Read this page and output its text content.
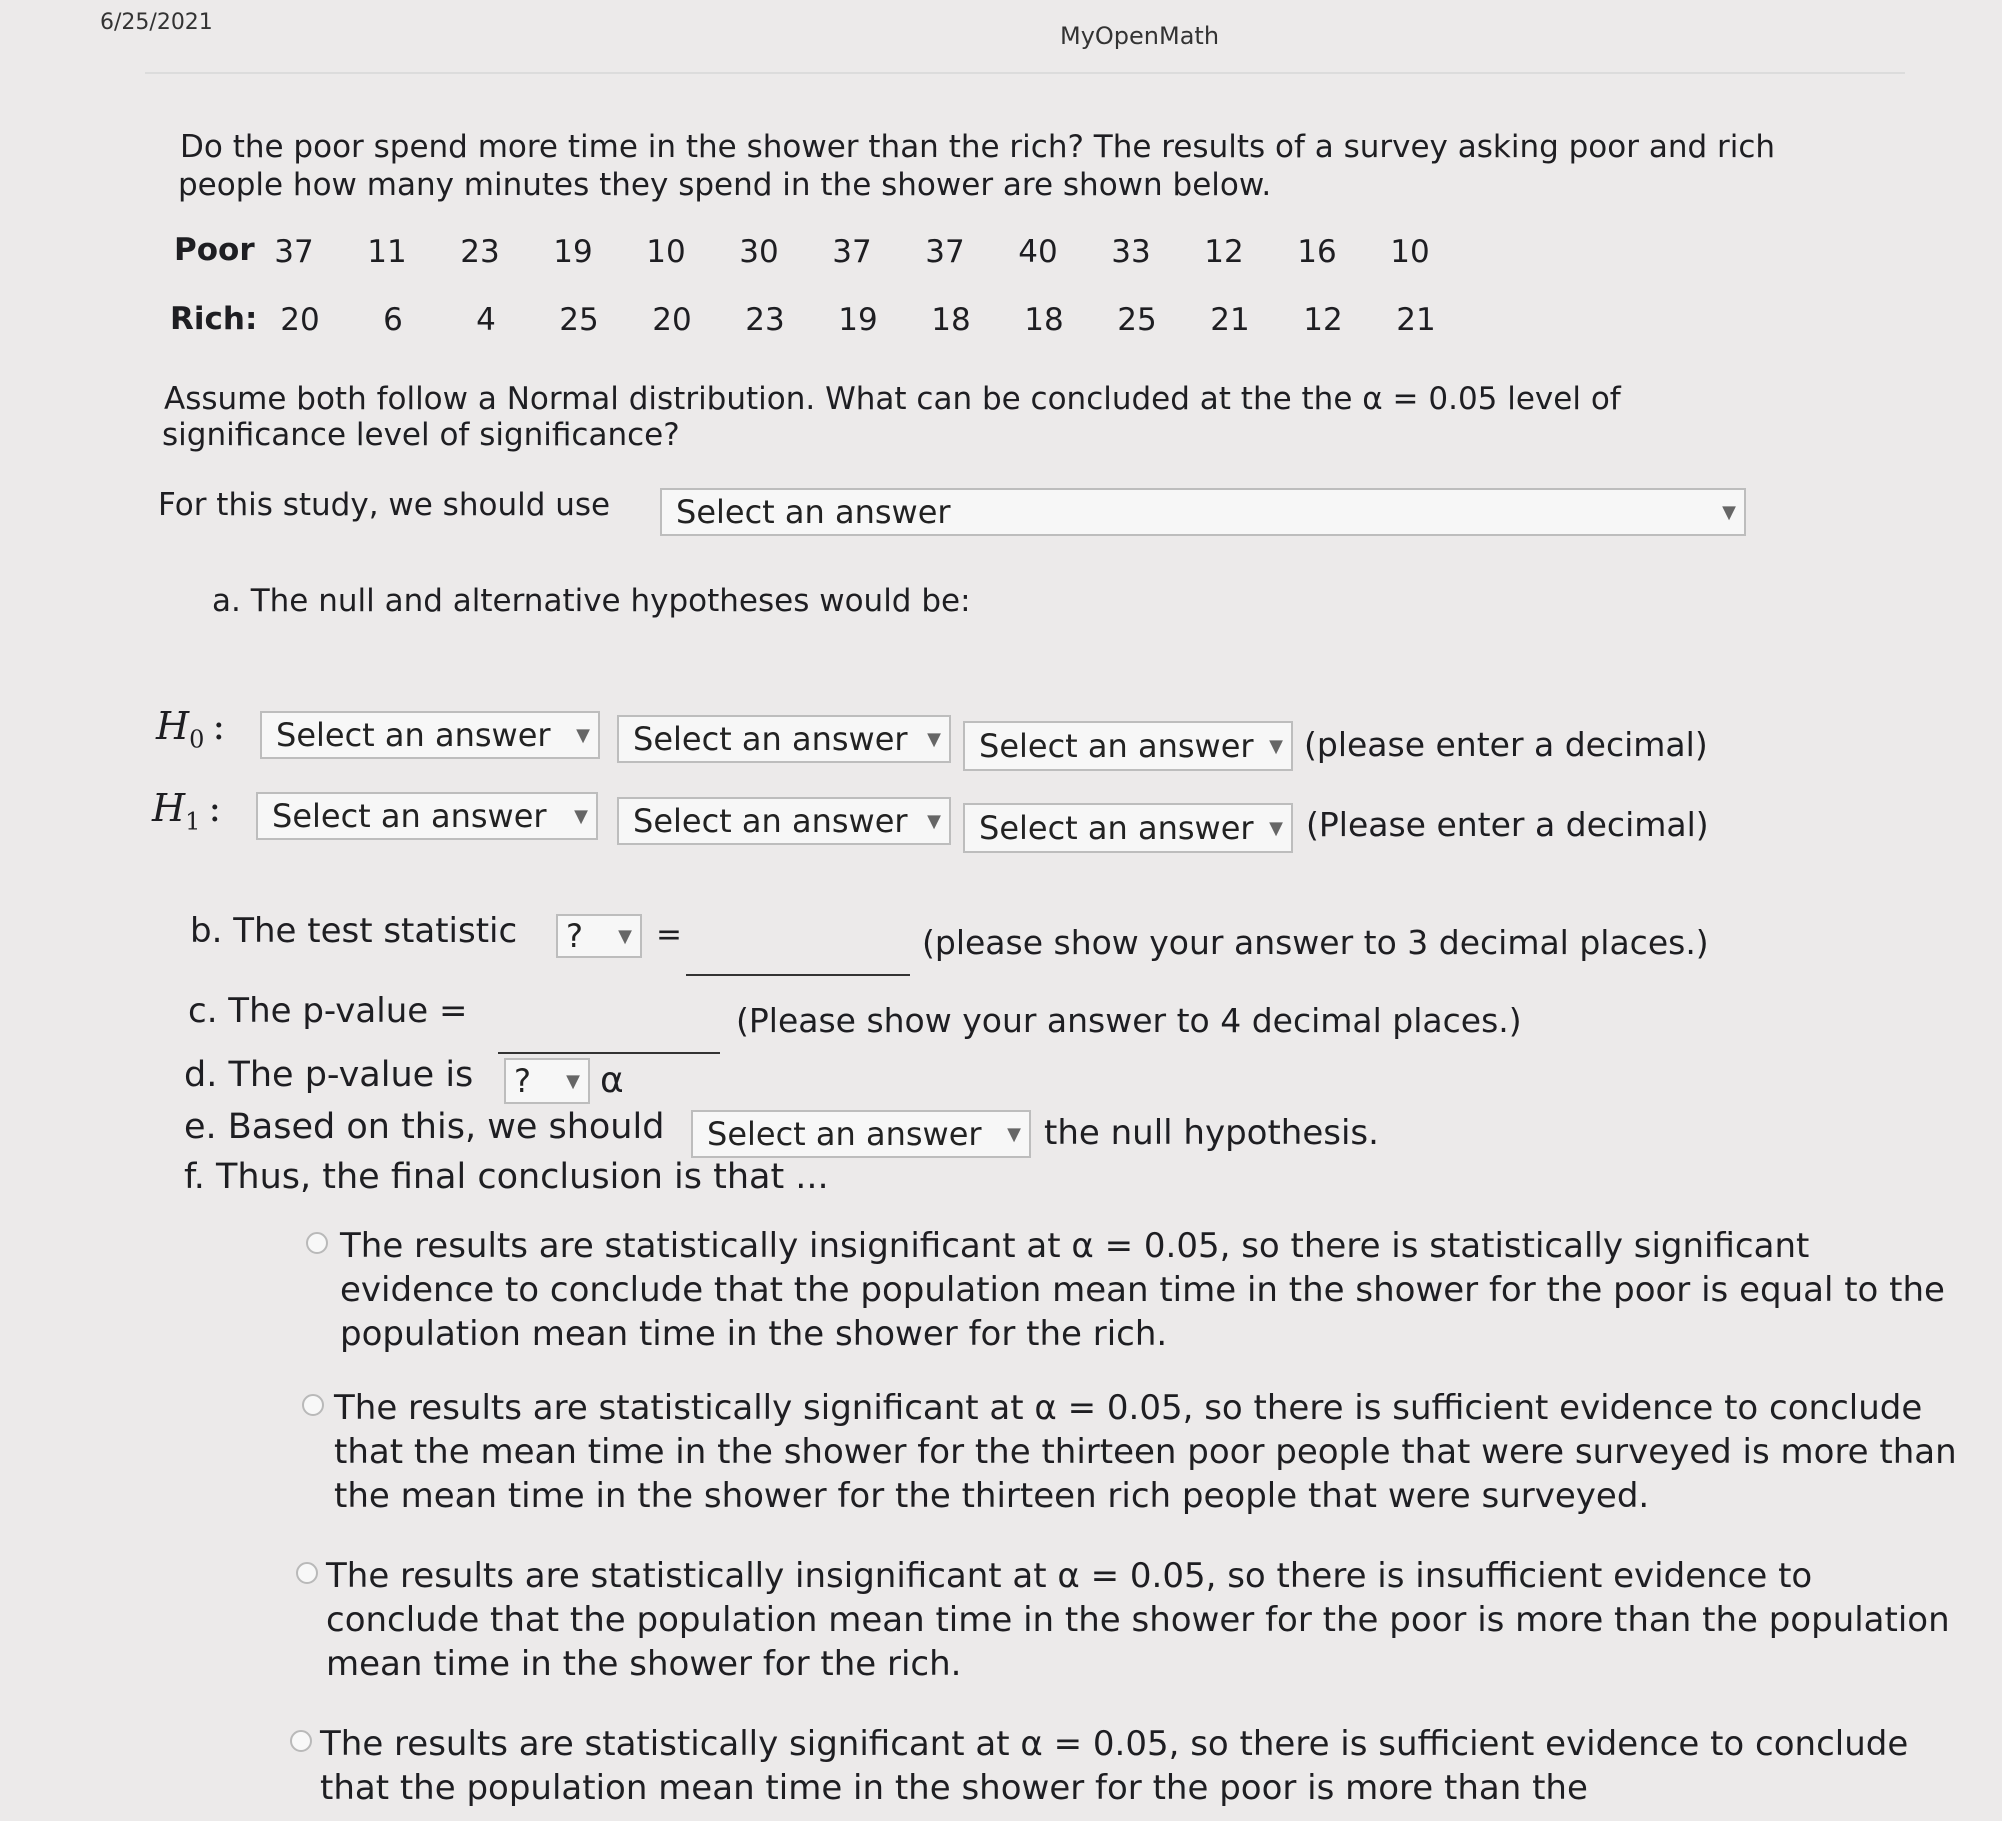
6/25/2021	MyOpenMath
Do the poor spend more time in the shower than the rich? The results of a survey asking poor and rich
people how many minutes they spend in the shower are shown below.
Poor 37	11	23	19	10	30	37	37	40	33	12	16	10
Rich: 20	6	4	25	20	23	19	18	18	25	21	12	21
Assume both follow a Normal distribution. What can be concluded at the the α = 0.05 level of
significance level of significance?
For this study, we should use Select an answer	▼
a. The null and alternative hypotheses would be:
$H_0$ : Select an answer	▼ Select an answer	▼ Select an answer ▼ (please enter a decimal)
$H_1$ : Select an answer	▼ Select an answer	▼ Select an answer ▼ (Please enter a decimal)
b. The test statistic ?	▼ =	(please show your answer to 3 decimal places.)
c. The p-value =	(Please show your answer to 4 decimal places.)
d. The p-value is ?	▼ α
e. Based on this, we should Select an answer	▼ the null hypothesis.
f. Thus, the final conclusion is that ...
The results are statistically insignificant at α = 0.05, so there is statistically significant evidence to conclude that the population mean time in the shower for the poor is equal to the population mean time in the shower for the rich.
The results are statistically significant at α = 0.05, so there is sufficient evidence to conclude that the mean time in the shower for the thirteen poor people that were surveyed is more than the mean time in the shower for the thirteen rich people that were surveyed.
The results are statistically insignificant at α = 0.05, so there is insufficient evidence to conclude that the population mean time in the shower for the poor is more than the population mean time in the shower for the rich.
The results are statistically significant at α = 0.05, so there is sufficient evidence to conclude that the population mean time in the shower for the poor is more than the
